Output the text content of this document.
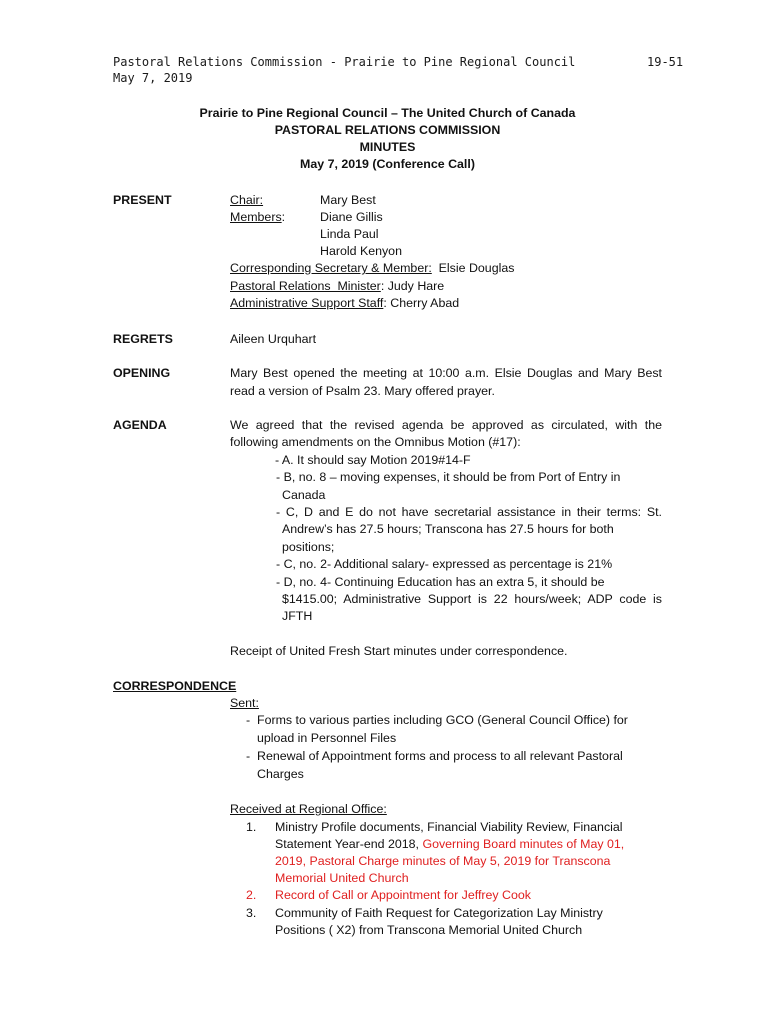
Pastoral Relations Commission - Prairie to Pine Regional Council
May 7, 2019
19-51
Prairie to Pine Regional Council – The United Church of Canada
PASTORAL RELATIONS COMMISSION
MINUTES
May 7, 2019 (Conference Call)
PRESENT	Chair:	Mary Best
Members:	Diane Gillis
Linda Paul
Harold Kenyon
Corresponding Secretary & Member:  Elsie Douglas
Pastoral Relations  Minister: Judy Hare
Administrative Support Staff: Cherry Abad
REGRETS	Aileen Urquhart
OPENING	Mary Best opened the meeting at 10:00 a.m. Elsie Douglas and Mary Best
read a version of Psalm 23. Mary offered prayer.
AGENDA	We agreed that the revised agenda be approved as circulated, with the
following amendments on the Omnibus Motion (#17):
- A. It should say Motion 2019#14-F
- B, no. 8 – moving expenses, it should be from Port of Entry in
Canada
- C, D and E do not have secretarial assistance in their terms: St.
Andrew’s has 27.5 hours; Transcona has 27.5 hours for both
positions;
- C, no. 2- Additional salary- expressed as percentage is 21%
- D, no. 4- Continuing Education has an extra 5, it should be
$1415.00; Administrative Support is 22 hours/week; ADP code is
JFTH
Receipt of United Fresh Start minutes under correspondence.
CORRESPONDENCE
Sent:
- Forms to various parties including GCO (General Council Office) for
upload in Personnel Files
- Renewal of Appointment forms and process to all relevant Pastoral
Charges
Received at Regional Office:
1. Ministry Profile documents, Financial Viability Review, Financial
Statement Year-end 2018, Governing Board minutes of May 01,
2019, Pastoral Charge minutes of May 5, 2019 for Transcona
Memorial United Church
2. Record of Call or Appointment for Jeffrey Cook
3. Community of Faith Request for Categorization Lay Ministry
Positions ( X2) from Transcona Memorial United Church
